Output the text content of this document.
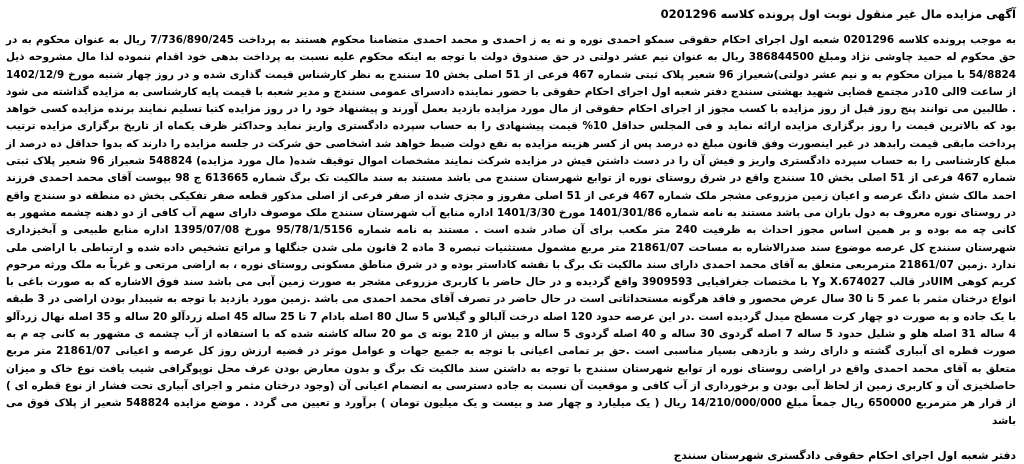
آگهی مزایده مال غیر منقول نوبت اول پرونده کلاسه 0201296

به موجب پرونده کلاسه 0201296 شعبه اول اجرای احکام حقوقی سمکو احمدی نوره و نه یه ز احمدی و محمد احمدی متضامنا محکوم هستند به پرداخت 7/736/890/245 ریال به عنوان محکوم به در حق محکوم له حمید چاوشی نژاد ومبلغ 386844500 ریال به عنوان نیم عشر دولتی در حق صندوق دولت با توجه به اینکه محکوم علیه نسبت به پرداخت بدهی خود اقدام ننموده لذا مال مشروحه ذیل 54/8824 با میزان محکوم به و نیم عشر دولتی)شعیراز 96 شعیر پلاک ثبتی شماره 467 فرعی از 51 اصلی بخش 10 سنندج به نظر کارشناس قیمت گذاری شده و در روز چهار شنبه مورخ 1402/12/9 از ساعت 9الی 10در مجتمع قضایی شهید بهشتی سنندج دفتر شعبه اول اجرای احکام حقوقی با حضور نماینده دادسرای عمومی سنندج و مدیر شعبه با قیمت پایه کارشناسی به مزایده گذاشته می شود . طالبین می توانند پنج روز قبل از روز مزایده با کسب مجوز از اجرای احکام حقوقی از مال مورد مزایده بازدید بعمل آورند و پیشنهاد خود را در روز مزایده کتبا تسلیم نمایند برنده مزایده کسی خواهد بود که بالاترین قیمت را روز برگزاری مزایده ارائه نماید و فی المجلس حداقل 10% قیمت پیشنهادی را به حساب سپرده دادگستری واریز نماید وحداکثر ظرف یکماه از تاریخ برگزاری مزایده ترتیب پرداخت مابقی قیمت رابدهد در غیر اینصورت وفق قانون مبلغ ده درصد پس از کسر هزینه مزایده به نفع دولت ضبط خواهد شد اشخاصی حق شرکت در جلسه مزایده را دارند که بدوا حداقل ده درصد از مبلغ کارشناسی را به حساب سپرده دادگستری واریز و فیش آن را در دست داشتن فیش در مزایده شرکت نمایند مشخصات اموال توقیف شده( مال مورد مزایده) 548824 شعیراز 96 شعیر پلاک ثبتی شماره 467 فرعی از 51 اصلی بخش 10 سنندج واقع در شرق روستای نوره از توابع شهرستان سنندج می باشد مستند به سند مالکیت تک برگ شماره 613665 ج 98 بپوست آقای محمد احمدی فرزند احمد مالک شش دانگ عرصه و اعیان زمین مزروعی مشجر ملک شماره 467 فرعی از 51 اصلی مفروز و مجزی شده از صفر فرعی از اصلی مذکور قطعه صفر تفکیکی بخش ده منطقه دو سنندج واقع در روستای نوره معروف به دول باران می باشد مستند به نامه شماره 1401/301/86 مورخ 1401/3/30 اداره منابع آب شهرستان سنندج ملک موصوف دارای سهم آب کافی از دو دهنه چشمه مشهور به کانی چه مه بوده و بر همین اساس مجوز احداث به ظرفیت 240 متر مکعب برای آن صادر شده است . مستند به نامه شماره 95/78/1/5156 مورخ 1395/07/08 اداره منابع طبیعی و آبخیزداری شهرستان سنندج کل عرصه موضوع سند صدرالاشاره به مساحت 21861/07 متر مربع مشمول مستثنیات تبصره 3 ماده 2 قانون ملی شدن جنگلها و مراتع تشخیص داده شده و ارتباطی با اراضی ملی ندارد .زمین 21861/07 مترمربعی متعلق به آقای محمد احمدی دارای سند مالکیت تک برگ با نقشه کاداستر بوده و در شرق مناطق مسکونی روستای نوره ، به اراضی مرتعی و غرباً به ملک ورثه مرحوم کریم کوهی UIMدر قالب 674027.X وY با مختصات جغرافیایی 3909593 واقع گردیده و در حال حاضر با کاربری مزروعی مشجر به صورت زمین آبی می باشد سند فوق الاشاره که به صورت باغی با انواع درختان مثمر با عمر 5 تا 30 سال عرض محصور و فاقد هرگونه مستحداثاتی است در حال حاضر در تصرف آقای محمد احمدی می باشد .زمین مورد بازدید با توجه به شیبدار بودن اراضی در 3 طبقه با یک جاده و به صورت دو چهار کرت مسطح میدل گردیده است .در این عرصه حدود 120 اصله درخت آلبالو و گیلاس 5 سال 80 اصله بادام 7 تا 25 ساله 45 اصله زردآلو 20 ساله و 35 اصله نهال زردآلو 4 ساله 31 اصله هلو و شلیل حدود 5 ساله 7 اصله گردوی 30 ساله و 40 اصله گردوی 5 ساله و بیش از 210 بوته ی مو 20 ساله کاشته شده که با استفاده از آب چشمه ی مشهور به کانی چه م به صورت قطره ای آبیاری گشته و دارای رشد و بازدهی بسیار مناسبی است .حق بر تمامی اعیانی با توجه به جمیع جهات و عوامل موثر در قضیه ارزش روز کل عرصه و اعیانی 21861/07 متر مربع متعلق به آقای محمد احمدی واقع در اراضی روستای نوره از توابع شهرستان سنندج با توجه به داشتن سند مالکیت تک برگ و بدون معارض بودن عرف محل توپوگرافی شیب یافت نوع خاک و میزان حاصلخیزی آن و کاربری زمین از لحاظ آبی بودن و برخورداری از آب کافی و موقعیت آن نسبت به جاده دسترسی به انضمام اعیانی آن (وجود درختان مثمر و اجرای آبیاری تحت فشار از نوع قطره ای ) از قرار هر مترمربع 650000 ریال جمعاً مبلغ 14/210/000/000 ریال ( یک میلیارد و چهار صد و بیست و یک میلیون تومان ) برآورد و تعیین می گردد . موضع مزایده 548824 شعیر از پلاک فوق می باشد

دفتر شعبه اول اجرای احکام حقوقی دادگستری شهرستان سنندج
